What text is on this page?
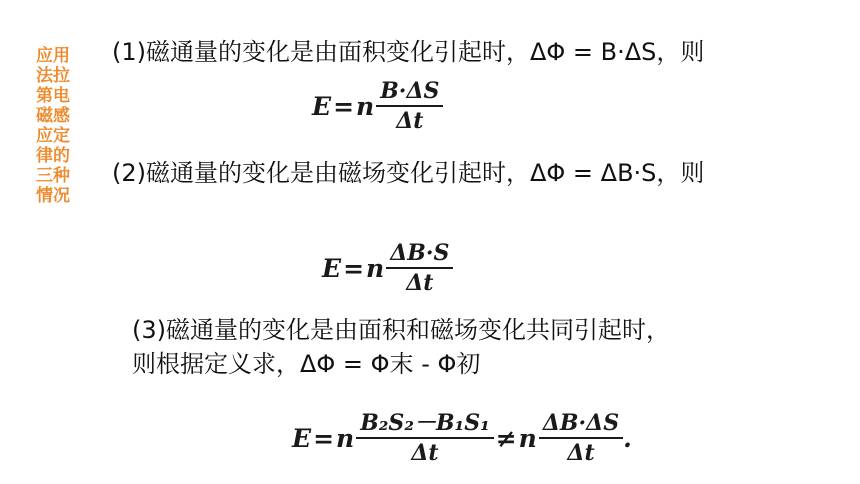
应用
法拉
第电
磁感
应定
律的
三种
情况
(1)磁通量的变化是由面积变化引起时，ΔΦ = B·ΔS，则
E = n $\frac{B\cdot\Delta S}{\Delta t}$
(2)磁通量的变化是由磁场变化引起时，ΔΦ = ΔB·S，则
E = n $\frac{\Delta B\cdot S}{\Delta t}$
(3)磁通量的变化是由面积和磁场变化共同引起时，
则根据定义求，ΔΦ = Φ末 - Φ初
E = n $\frac{\text{B₂S₂－B₁S₁}}{\Delta t} \ne n \frac{\Delta B\cdot\Delta S}{\Delta t}$ .
